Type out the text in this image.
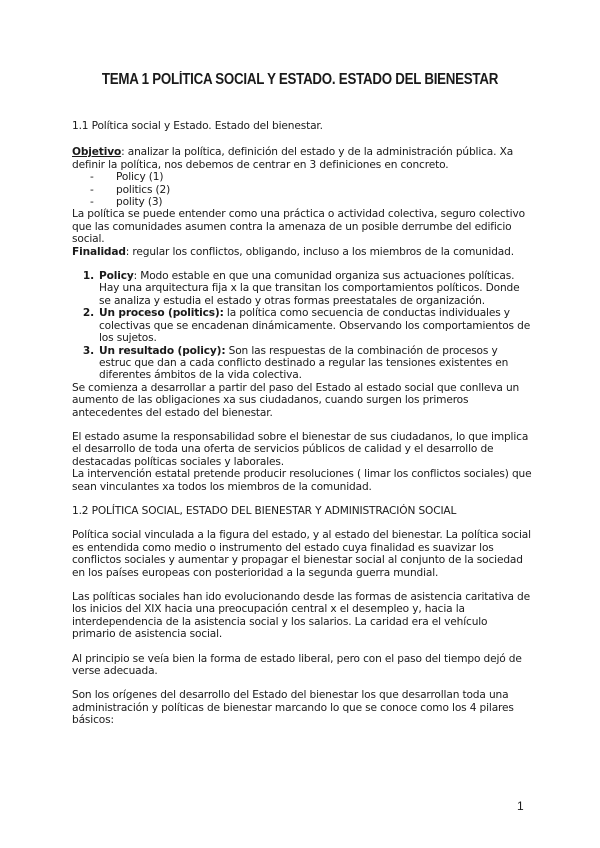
TEMA 1 POLÍTICA SOCIAL Y ESTADO. ESTADO DEL BIENESTAR

1.1 Política social y Estado. Estado del bienestar.

Objetivo: analizar la política, definición del estado y de la administración pública. Xa definir la política, nos debemos de centrar en 3 definiciones en concreto.

- Policy (1)
- politics (2)
- polity (3)

La política se puede entender como una práctica o actividad colectiva, seguro colectivo que las comunidades asumen contra la amenaza de un posible derrumbe del edificio social.

Finalidad: regular los conflictos, obligando, incluso a los miembros de la comunidad.

1. Policy: Modo estable en que una comunidad organiza sus actuaciones políticas. Hay una arquitectura fija x la que transitan los comportamientos políticos. Donde se analiza y estudia el estado y otras formas preestatales de organización.
2. Un proceso (politics): la política como secuencia de conductas individuales y colectivas que se encadenan dinámicamente. Observando los comportamientos de los sujetos.
3. Un resultado (policy): Son las respuestas de la combinación de procesos y estruc que dan a cada conflicto destinado a regular las tensiones existentes en diferentes ámbitos de la vida colectiva.

Se comienza a desarrollar a partir del paso del Estado al estado social que conlleva un aumento de las obligaciones xa sus ciudadanos, cuando surgen los primeros antecedentes del estado del bienestar.

El estado asume la responsabilidad sobre el bienestar de sus ciudadanos, lo que implica el desarrollo de toda una oferta de servicios públicos de calidad y el desarrollo de destacadas políticas sociales y laborales.

La intervención estatal pretende producir resoluciones ( limar los conflictos sociales) que sean vinculantes xa todos los miembros de la comunidad.

1.2 POLÍTICA SOCIAL, ESTADO DEL BIENESTAR Y ADMINISTRACIÓN SOCIAL

Política social vinculada a la figura del estado, y al estado del bienestar. La política social es entendida como medio o instrumento del estado cuya finalidad es suavizar los conflictos sociales y aumentar y propagar el bienestar social al conjunto de la sociedad en los países europeas con posterioridad a la segunda guerra mundial.

Las políticas sociales han ido evolucionando desde las formas de asistencia caritativa de los inicios del XIX hacia una preocupación central x el desempleo y, hacia la interdependencia de la asistencia social y los salarios. La caridad era el vehículo primario de asistencia social.

Al principio se veía bien la forma de estado liberal, pero con el paso del tiempo dejó de verse adecuada.

Son los orígenes del desarrollo del Estado del bienestar los que desarrollan toda una administración y políticas de bienestar marcando lo que se conoce como los 4 pilares básicos:

1
